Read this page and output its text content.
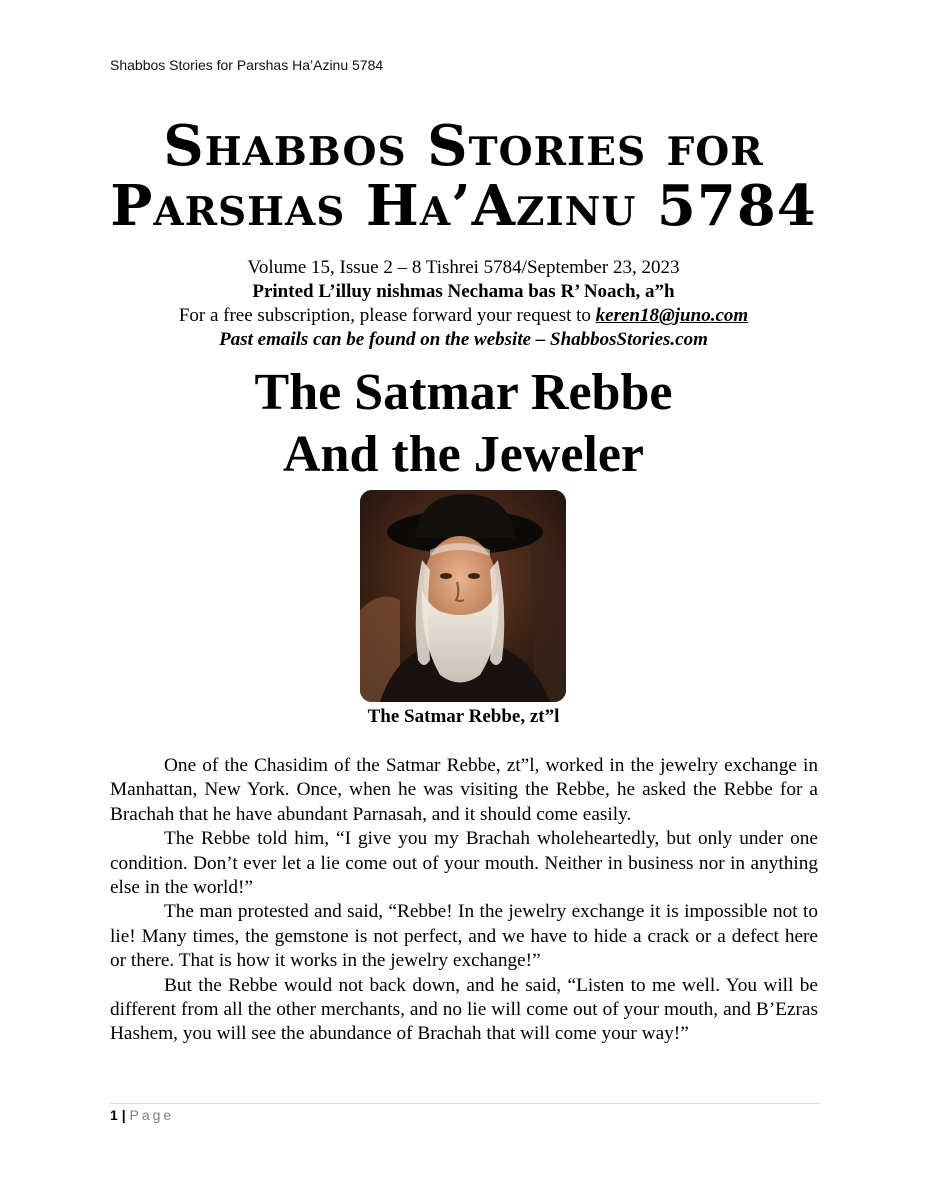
Shabbos Stories for Parshas Ha’Azinu 5784
Shabbos Stories for
Parshas Ha’Azinu 5784
Volume 15, Issue 2 – 8 Tishrei 5784/September 23, 2023
Printed L’illuy nishmas Nechama bas R’ Noach, a”h
For a free subscription, please forward your request to keren18@juno.com
Past emails can be found on the website – ShabbosStories.com
The Satmar Rebbe
And the Jeweler
The Satmar Rebbe, zt”l

One of the Chasidim of the Satmar Rebbe, zt”l, worked in the jewelry exchange in Manhattan, New York. Once, when he was visiting the Rebbe, he asked the Rebbe for a Brachah that he have abundant Parnasah, and it should come easily.

The Rebbe told him, “I give you my Brachah wholeheartedly, but only under one condition. Don’t ever let a lie come out of your mouth. Neither in business nor in anything else in the world!”

The man protested and said, “Rebbe! In the jewelry exchange it is impossible not to lie! Many times, the gemstone is not perfect, and we have to hide a crack or a defect here or there. That is how it works in the jewelry exchange!”

But the Rebbe would not back down, and he said, “Listen to me well. You will be different from all the other merchants, and no lie will come out of your mouth, and B’Ezras Hashem, you will see the abundance of Brachah that will come your way!”

1 | Page
